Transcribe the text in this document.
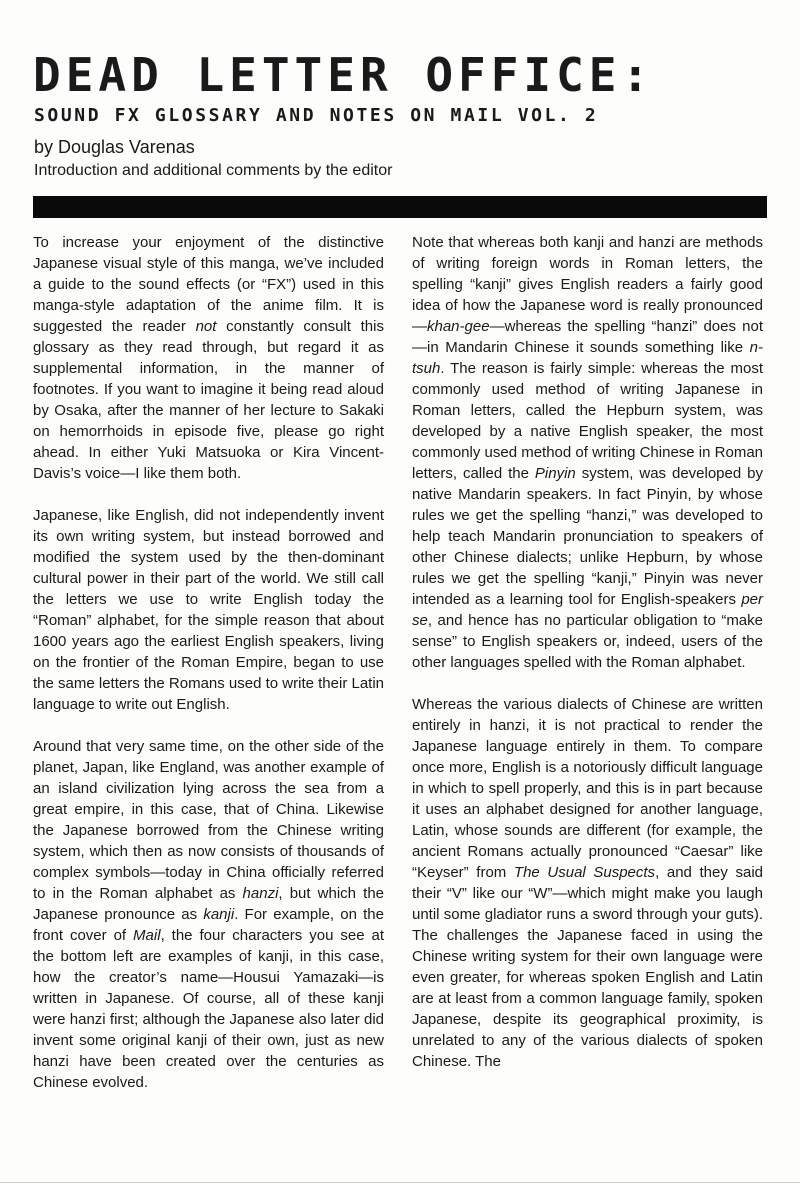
DEAD LETTER OFFICE:
SOUND FX GLOSSARY AND NOTES ON MAIL VOL. 2
by Douglas Varenas
Introduction and additional comments by the editor

To increase your enjoyment of the distinctive Japanese visual style of this manga, we’ve included a guide to the sound effects (or “FX”) used in this manga-style adaptation of the anime film. It is suggested the reader not constantly consult this glossary as they read through, but regard it as supplemental information, in the manner of footnotes. If you want to imagine it being read aloud by Osaka, after the manner of her lecture to Sakaki on hemorrhoids in episode five, please go right ahead. In either Yuki Matsuoka or Kira Vincent-Davis’s voice—I like them both.

Japanese, like English, did not independently invent its own writing system, but instead borrowed and modified the system used by the then-dominant cultural power in their part of the world. We still call the letters we use to write English today the “Roman” alphabet, for the simple reason that about 1600 years ago the earliest English speakers, living on the frontier of the Roman Empire, began to use the same letters the Romans used to write their Latin language to write out English.

Around that very same time, on the other side of the planet, Japan, like England, was another example of an island civilization lying across the sea from a great empire, in this case, that of China. Likewise the Japanese borrowed from the Chinese writing system, which then as now consists of thousands of complex symbols—today in China officially referred to in the Roman alphabet as hanzi, but which the Japanese pronounce as kanji. For example, on the front cover of Mail, the four characters you see at the bottom left are examples of kanji, in this case, how the creator’s name—Housui Yamazaki—is written in Japanese. Of course, all of these kanji were hanzi first; although the Japanese also later did invent some original kanji of their own, just as new hanzi have been created over the centuries as Chinese evolved.

Note that whereas both kanji and hanzi are methods of writing foreign words in Roman letters, the spelling “kanji” gives English readers a fairly good idea of how the Japanese word is really pronounced—khan-gee—whereas the spelling “hanzi” does not—in Mandarin Chinese it sounds something like n-tsuh. The reason is fairly simple: whereas the most commonly used method of writing Japanese in Roman letters, called the Hepburn system, was developed by a native English speaker, the most commonly used method of writing Chinese in Roman letters, called the Pinyin system, was developed by native Mandarin speakers. In fact Pinyin, by whose rules we get the spelling “hanzi,” was developed to help teach Mandarin pronunciation to speakers of other Chinese dialects; unlike Hepburn, by whose rules we get the spelling “kanji,” Pinyin was never intended as a learning tool for English-speakers per se, and hence has no particular obligation to “make sense” to English speakers or, indeed, users of the other languages spelled with the Roman alphabet.

Whereas the various dialects of Chinese are written entirely in hanzi, it is not practical to render the Japanese language entirely in them. To compare once more, English is a notoriously difficult language in which to spell properly, and this is in part because it uses an alphabet designed for another language, Latin, whose sounds are different (for example, the ancient Romans actually pronounced “Caesar” like “Keyser” from The Usual Suspects, and they said their “V” like our “W”—which might make you laugh until some gladiator runs a sword through your guts). The challenges the Japanese faced in using the Chinese writing system for their own language were even greater, for whereas spoken English and Latin are at least from a common language family, spoken Japanese, despite its geographical proximity, is unrelated to any of the various dialects of spoken Chinese. The
